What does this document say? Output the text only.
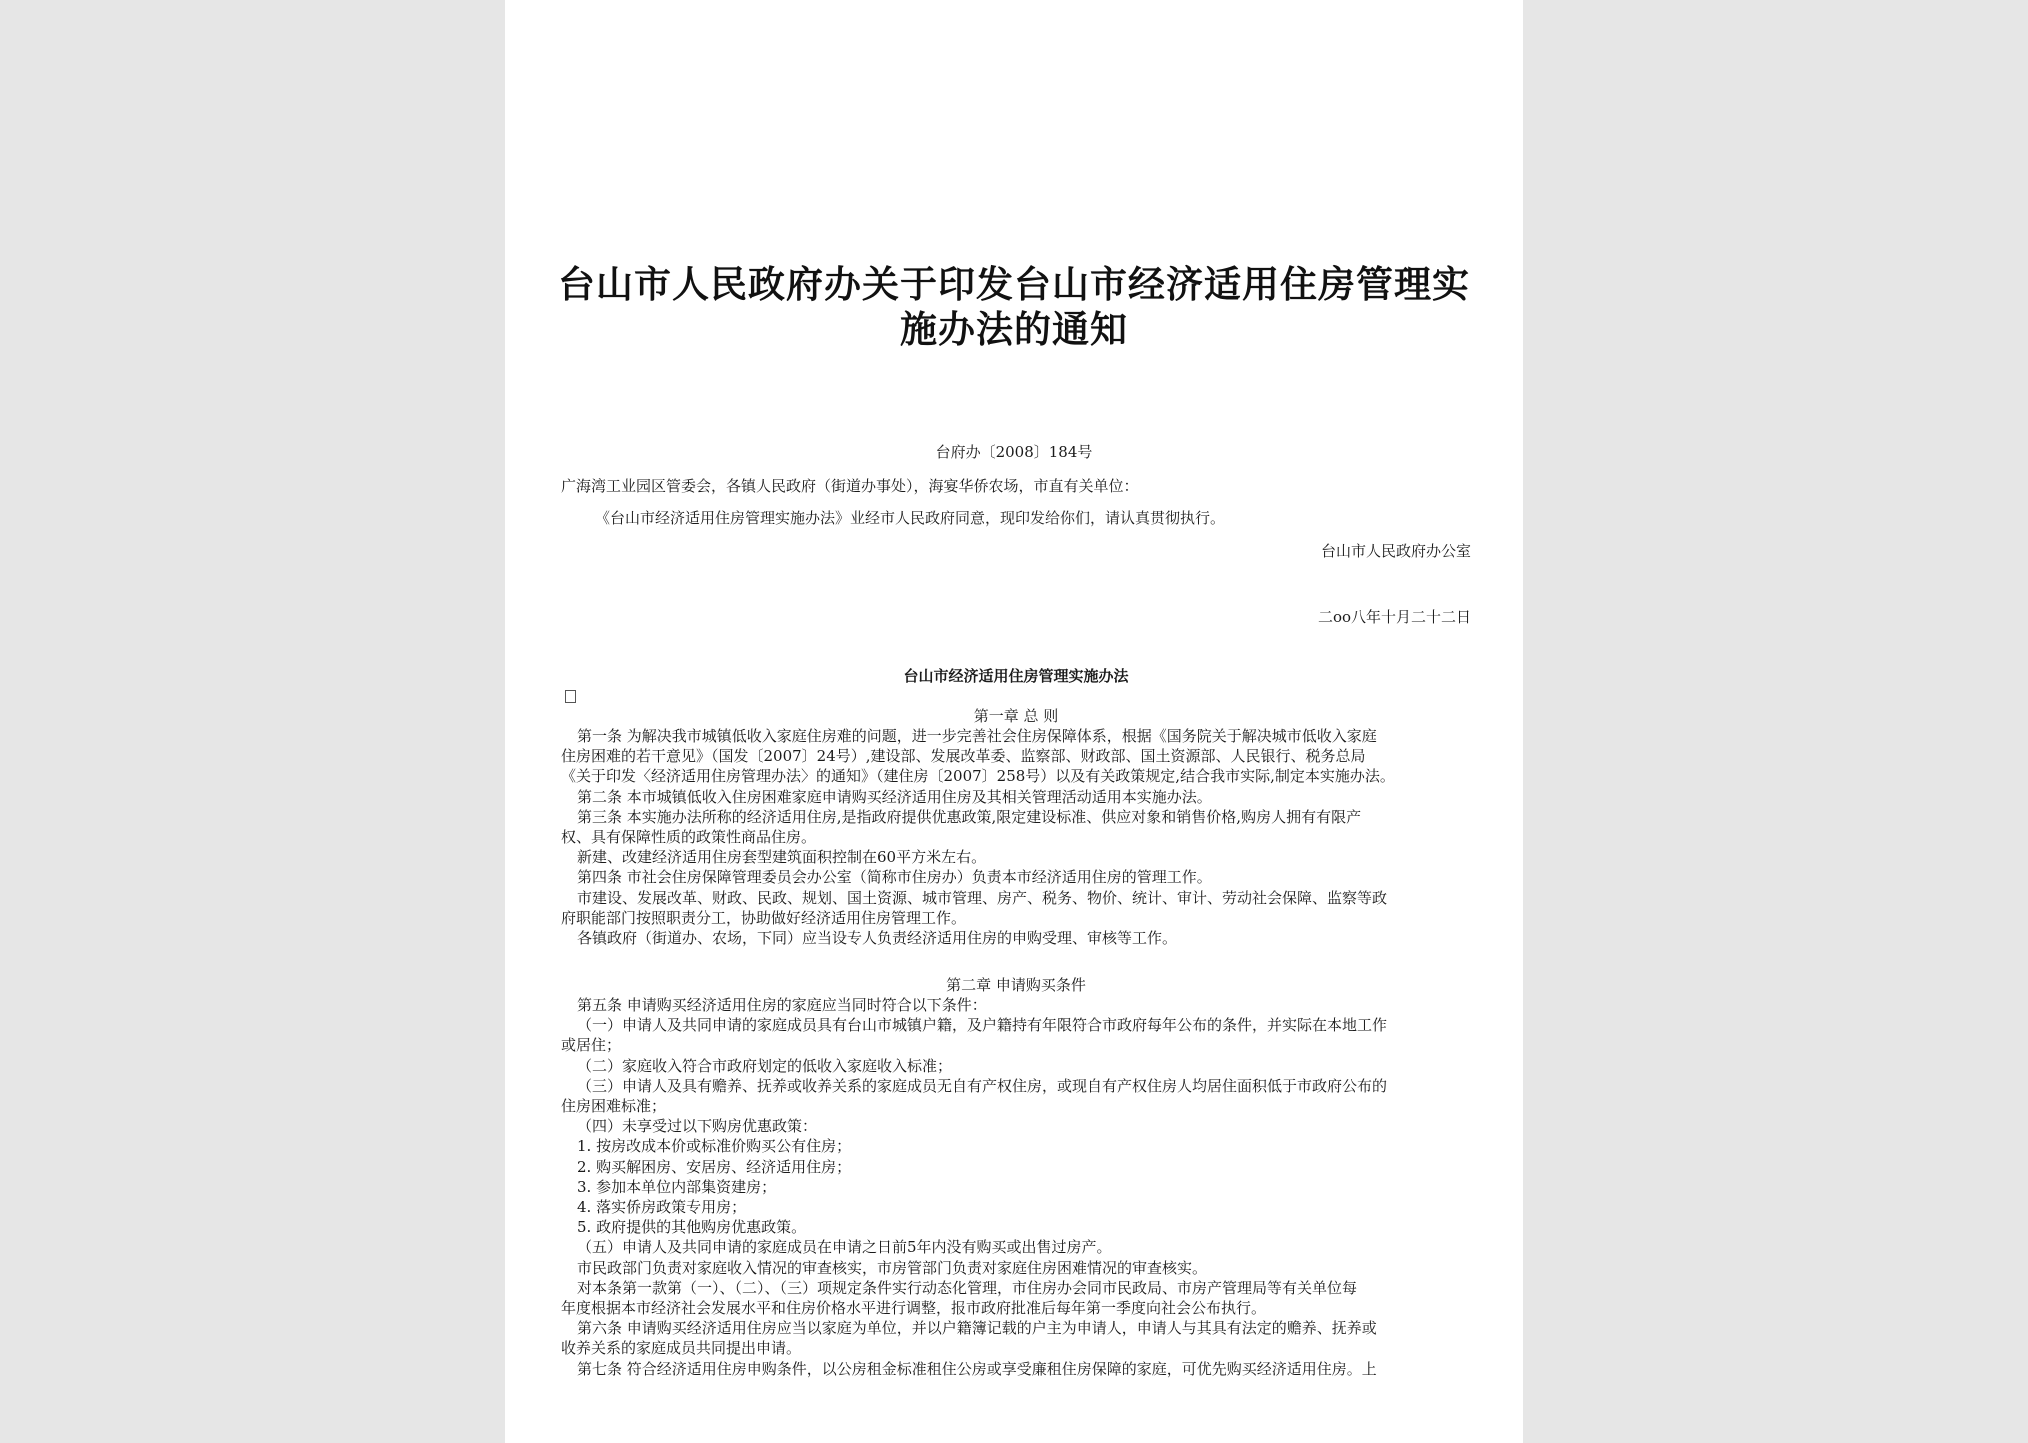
台山市人民政府办关于印发台山市经济适用住房管理实
施办法的通知
台府办〔2008〕184号
广海湾工业园区管委会，各镇人民政府（街道办事处），海宴华侨农场，市直有关单位：
《台山市经济适用住房管理实施办法》业经市人民政府同意，现印发给你们，请认真贯彻执行。
台山市人民政府办公室
二oo八年十月二十二日
台山市经济适用住房管理实施办法
第一章 总 则
第一条 为解决我市城镇低收入家庭住房难的问题，进一步完善社会住房保障体系，根据《国务院关于解决城市低收入家庭
住房困难的若干意见》（国发〔2007〕24号）,建设部、发展改革委、监察部、财政部、国土资源部、人民银行、税务总局
《关于印发〈经济适用住房管理办法〉的通知》（建住房〔2007〕258号）以及有关政策规定,结合我市实际,制定本实施办法。
第二条 本市城镇低收入住房困难家庭申请购买经济适用住房及其相关管理活动适用本实施办法。
第三条 本实施办法所称的经济适用住房,是指政府提供优惠政策,限定建设标准、供应对象和销售价格,购房人拥有有限产
权、具有保障性质的政策性商品住房。
新建、改建经济适用住房套型建筑面积控制在60平方米左右。
第四条 市社会住房保障管理委员会办公室（简称市住房办）负责本市经济适用住房的管理工作。
市建设、发展改革、财政、民政、规划、国土资源、城市管理、房产、税务、物价、统计、审计、劳动社会保障、监察等政
府职能部门按照职责分工，协助做好经济适用住房管理工作。
各镇政府（街道办、农场，下同）应当设专人负责经济适用住房的申购受理、审核等工作。
第二章 申请购买条件
第五条 申请购买经济适用住房的家庭应当同时符合以下条件：
（一）申请人及共同申请的家庭成员具有台山市城镇户籍，及户籍持有年限符合市政府每年公布的条件，并实际在本地工作
或居住；
（二）家庭收入符合市政府划定的低收入家庭收入标准；
（三）申请人及具有赡养、抚养或收养关系的家庭成员无自有产权住房，或现自有产权住房人均居住面积低于市政府公布的
住房困难标准；
（四）未享受过以下购房优惠政策：
1. 按房改成本价或标准价购买公有住房；
2. 购买解困房、安居房、经济适用住房；
3. 参加本单位内部集资建房；
4. 落实侨房政策专用房；
5. 政府提供的其他购房优惠政策。
（五）申请人及共同申请的家庭成员在申请之日前5年内没有购买或出售过房产。
市民政部门负责对家庭收入情况的审查核实，市房管部门负责对家庭住房困难情况的审查核实。
对本条第一款第（一）、（二）、（三）项规定条件实行动态化管理，市住房办会同市民政局、市房产管理局等有关单位每
年度根据本市经济社会发展水平和住房价格水平进行调整，报市政府批准后每年第一季度向社会公布执行。
第六条 申请购买经济适用住房应当以家庭为单位，并以户籍簿记载的户主为申请人，申请人与其具有法定的赡养、抚养或
收养关系的家庭成员共同提出申请。
第七条 符合经济适用住房申购条件，以公房租金标准租住公房或享受廉租住房保障的家庭，可优先购买经济适用住房。上
